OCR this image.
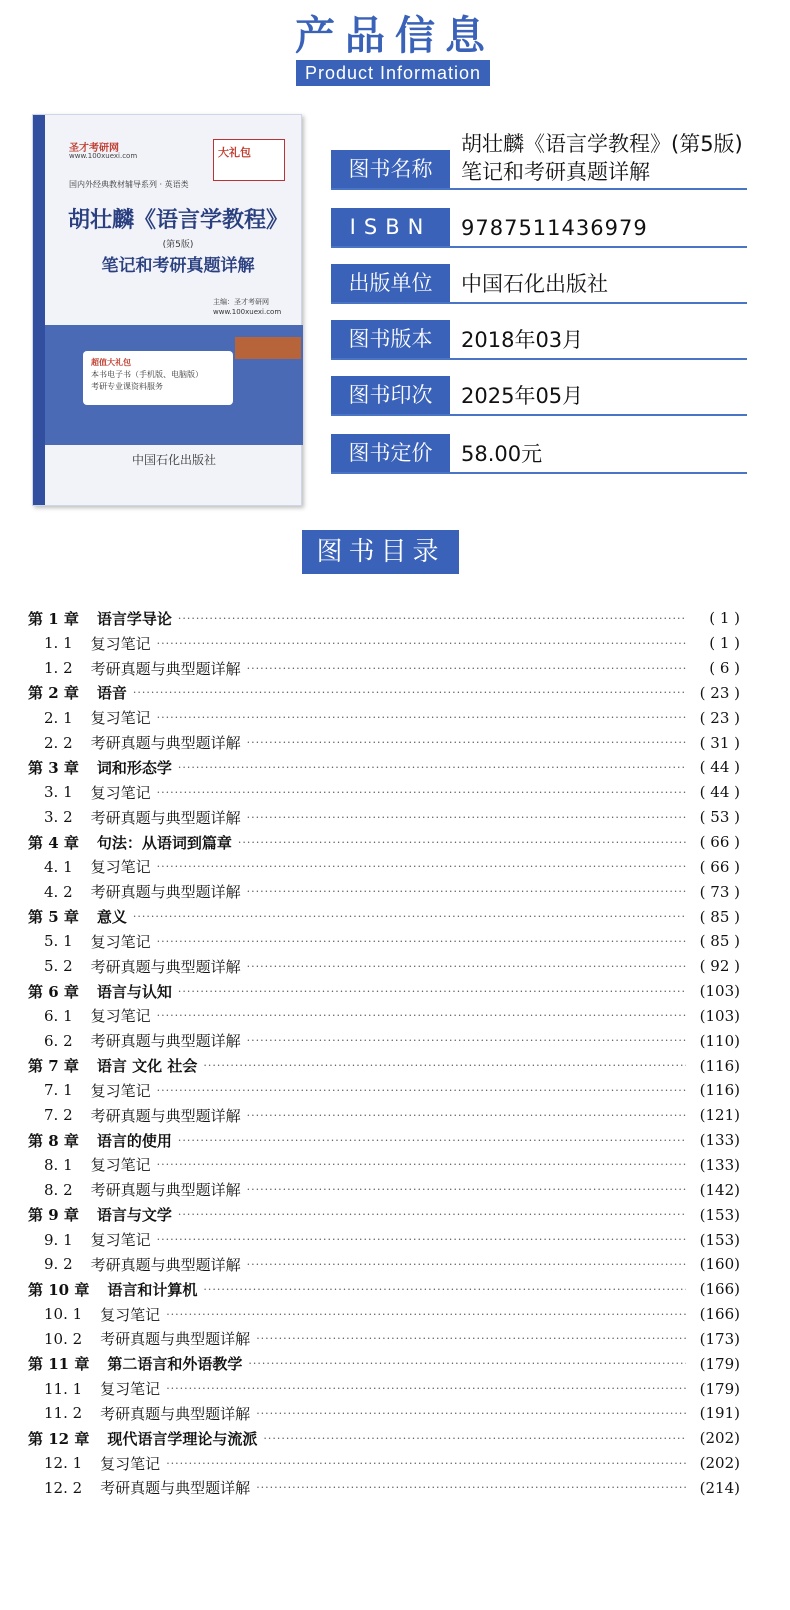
产品信息
Product Information
圣才考研网
www.100xuexi.com	大礼包
国内外经典教材辅导系列 · 英语类
胡壮麟《语言学教程》
(第5版)
笔记和考研真题详解
主编：圣才考研网
www.100xuexi.com
超值大礼包
本书电子书（手机版、电脑版）
考研专业课资料服务
中国石化出版社
图书名称
胡壮麟《语言学教程》(第5版)
笔记和考研真题详解
ISBN	9787511436979
出版单位	中国石化出版社
图书版本	2018年03月
图书印次	2025年05月
图书定价	58.00元
图书目录
第 1 章 语言学导论 ·····	( 1 )
1. 1 复习笔记 ·····	( 1 )
1. 2 考研真题与典型题详解 ·····	( 6 )
第 2 章 语音 ·····	( 23 )
2. 1 复习笔记 ·····	( 23 )
2. 2 考研真题与典型题详解 ·····	( 31 )
第 3 章 词和形态学 ·····	( 44 )
3. 1 复习笔记 ·····	( 44 )
3. 2 考研真题与典型题详解 ·····	( 53 )
第 4 章 句法：从语词到篇章 ·····	( 66 )
4. 1 复习笔记 ·····	( 66 )
4. 2 考研真题与典型题详解 ·····	( 73 )
第 5 章 意义 ·····	( 85 )
5. 1 复习笔记 ·····	( 85 )
5. 2 考研真题与典型题详解 ·····	( 92 )
第 6 章 语言与认知 ·····	(103)
6. 1 复习笔记 ·····	(103)
6. 2 考研真题与典型题详解 ·····	(110)
第 7 章 语言 文化 社会 ·····	(116)
7. 1 复习笔记 ·····	(116)
7. 2 考研真题与典型题详解 ·····	(121)
第 8 章 语言的使用 ·····	(133)
8. 1 复习笔记 ·····	(133)
8. 2 考研真题与典型题详解 ·····	(142)
第 9 章 语言与文学 ·····	(153)
9. 1 复习笔记 ·····	(153)
9. 2 考研真题与典型题详解 ·····	(160)
第 10 章 语言和计算机 ·····	(166)
10. 1 复习笔记 ·····	(166)
10. 2 考研真题与典型题详解 ·····	(173)
第 11 章 第二语言和外语教学 ·····	(179)
11. 1 复习笔记 ·····	(179)
11. 2 考研真题与典型题详解 ·····	(191)
第 12 章 现代语言学理论与流派 ·····	(202)
12. 1 复习笔记 ·····	(202)
12. 2 考研真题与典型题详解 ·····	(214)
